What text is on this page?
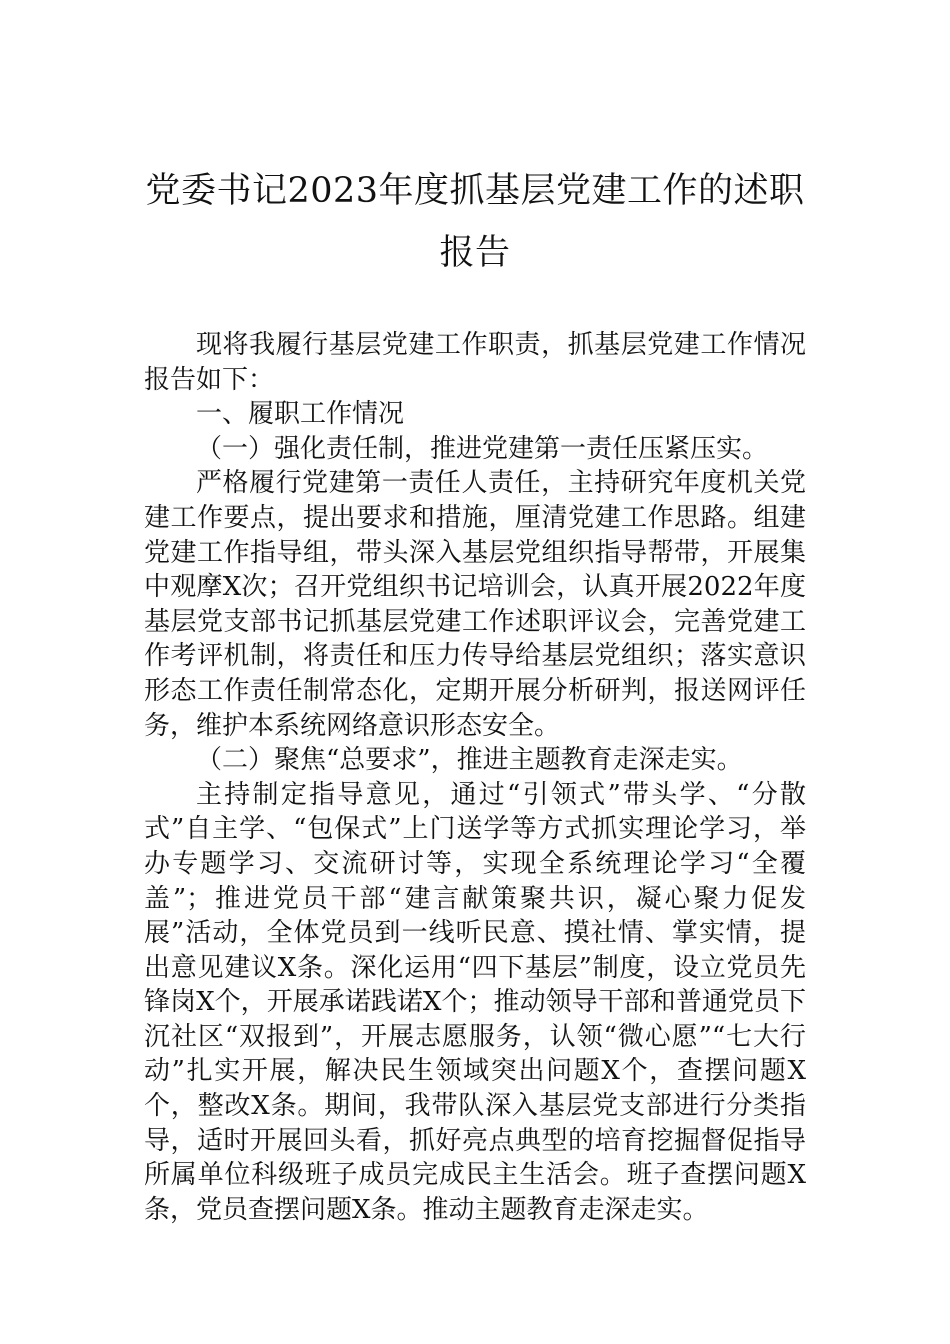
党委书记2023年度抓基层党建工作的述职
报告

现将我履行基层党建工作职责，抓基层党建工作情况报告如下：

一、履职工作情况

（一）强化责任制，推进党建第一责任压紧压实。

严格履行党建第一责任人责任，主持研究年度机关党建工作要点，提出要求和措施，厘清党建工作思路。组建党建工作指导组，带头深入基层党组织指导帮带，开展集中观摩X次；召开党组织书记培训会，认真开展2022年度基层党支部书记抓基层党建工作述职评议会，完善党建工作考评机制，将责任和压力传导给基层党组织；落实意识形态工作责任制常态化，定期开展分析研判，报送网评任务，维护本系统网络意识形态安全。

（二）聚焦“总要求”，推进主题教育走深走实。

主持制定指导意见，通过“引领式”带头学、“分散式”自主学、“包保式”上门送学等方式抓实理论学习，举办专题学习、交流研讨等，实现全系统理论学习“全覆盖”；推进党员干部“建言献策聚共识，凝心聚力促发展”活动，全体党员到一线听民意、摸社情、掌实情，提出意见建议X条。深化运用“四下基层”制度，设立党员先锋岗X个，开展承诺践诺X个；推动领导干部和普通党员下沉社区“双报到”，开展志愿服务，认领“微心愿”“七大行动”扎实开展，解决民生领域突出问题X个，查摆问题X个，整改X条。期间，我带队深入基层党支部进行分类指导，适时开展回头看，抓好亮点典型的培育挖掘督促指导所属单位科级班子成员完成民主生活会。班子查摆问题X条，党员查摆问题X条。推动主题教育走深走实。
